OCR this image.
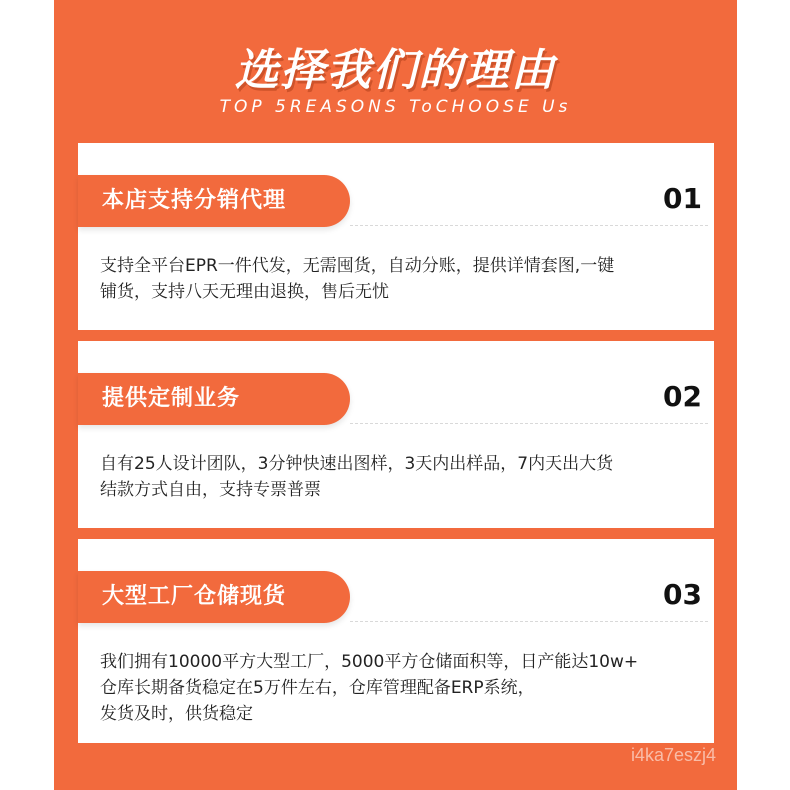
选择我们的理由
TOP 5REASONS ToCHOOSE Us
本店支持分销代理	01
支持全平台EPR一件代发，无需囤货，自动分账，提供详情套图,一键
铺货，支持八天无理由退换，售后无忧
提供定制业务	02
自有25人设计团队，3分钟快速出图样，3天内出样品，7内天出大货
结款方式自由，支持专票普票
大型工厂仓储现货	03
我们拥有10000平方大型工厂，5000平方仓储面积等，日产能达10w+
仓库长期备货稳定在5万件左右，仓库管理配备ERP系统，
发货及时，供货稳定
i4ka7eszj4
